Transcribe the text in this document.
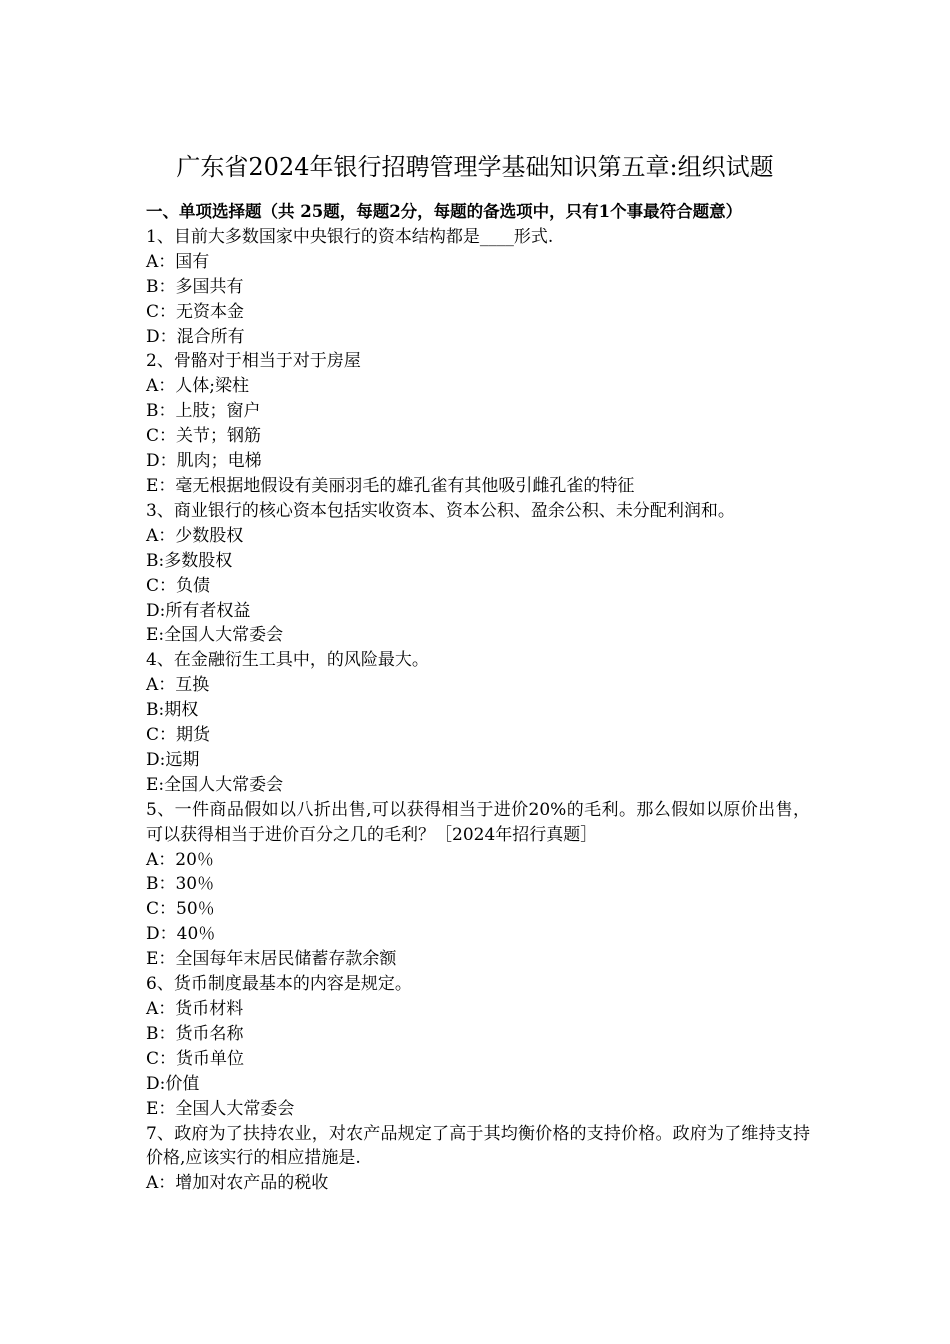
广东省2024年银行招聘管理学基础知识第五章:组织试题

一、单项选择题（共 25题，每题2分，每题的备选项中，只有1个事最符合题意）

1、目前大多数国家中央银行的资本结构都是____形式.

A：国有

B：多国共有

C：无资本金

D：混合所有

2、骨骼对于相当于对于房屋

A：人体;梁柱

B：上肢；窗户

C：关节；钢筋

D：肌肉；电梯

E：毫无根据地假设有美丽羽毛的雄孔雀有其他吸引雌孔雀的特征

3、商业银行的核心资本包括实收资本、资本公积、盈余公积、未分配利润和。

A：少数股权

B:多数股权

C：负债

D:所有者权益

E:全国人大常委会

4、在金融衍生工具中，的风险最大。

A：互换

B:期权

C：期货

D:远期

E:全国人大常委会

5、一件商品假如以八折出售,可以获得相当于进价20%的毛利。那么假如以原价出售，可以获得相当于进价百分之几的毛利？［2024年招行真题］

A：20％

B：30％

C：50％

D：40％

E：全国每年末居民储蓄存款余额

6、货币制度最基本的内容是规定。

A：货币材料

B：货币名称

C：货币单位

D:价值

E：全国人大常委会

7、政府为了扶持农业，对农产品规定了高于其均衡价格的支持价格。政府为了维持支持价格,应该实行的相应措施是.

A：增加对农产品的税收
